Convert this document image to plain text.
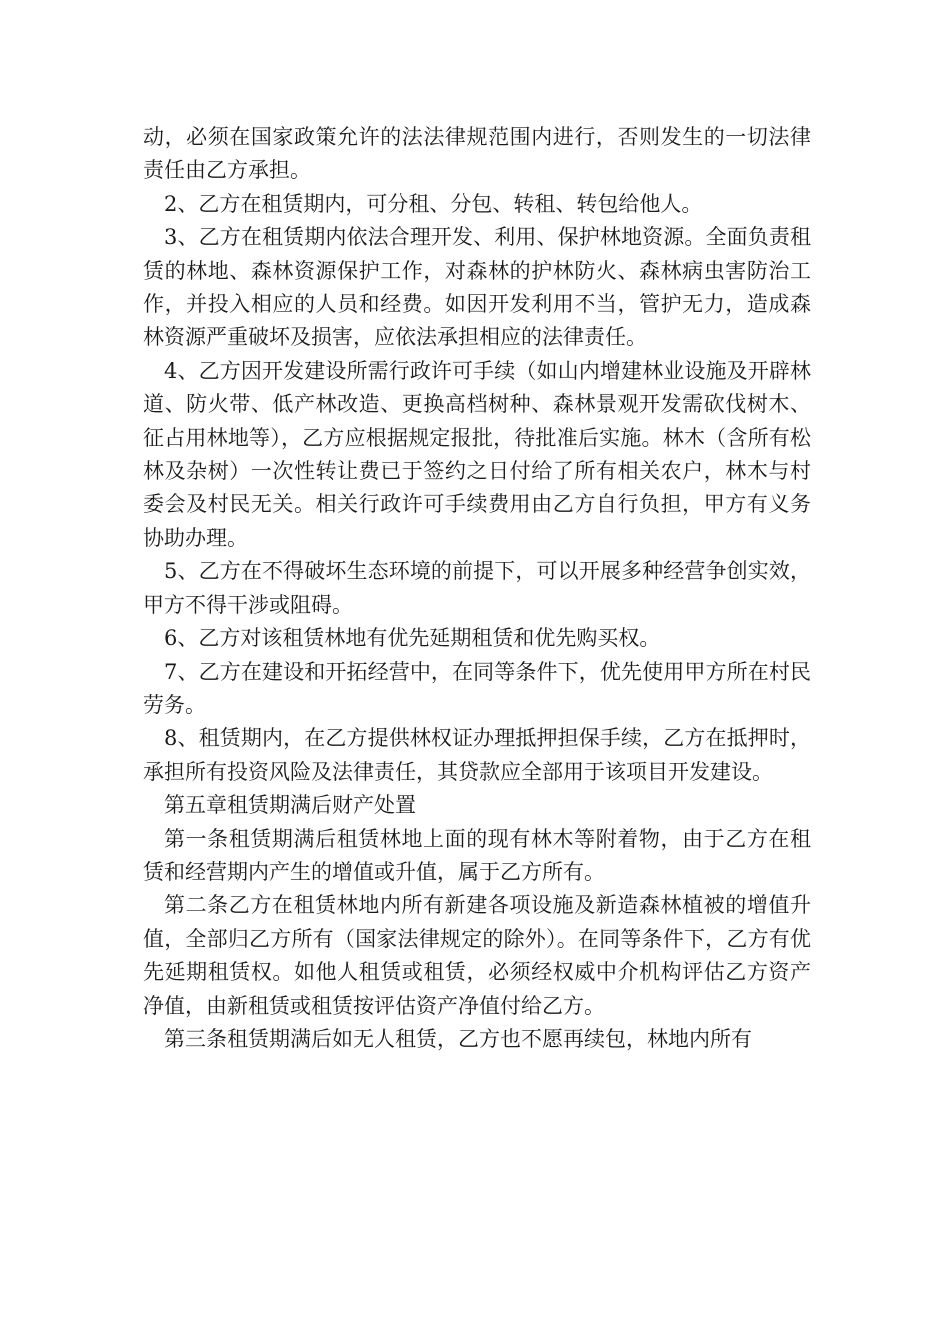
动，必须在国家政策允许的法法律规范围内进行，否则发生的一切法律责任由乙方承担。

2、乙方在租赁期内，可分租、分包、转租、转包给他人。

3、乙方在租赁期内依法合理开发、利用、保护林地资源。全面负责租赁的林地、森林资源保护工作，对森林的护林防火、森林病虫害防治工作，并投入相应的人员和经费。如因开发利用不当，管护无力，造成森林资源严重破坏及损害，应依法承担相应的法律责任。

4、乙方因开发建设所需行政许可手续（如山内增建林业设施及开辟林道、防火带、低产林改造、更换高档树种、森林景观开发需砍伐树木、征占用林地等），乙方应根据规定报批，待批准后实施。林木（含所有松林及杂树）一次性转让费已于签约之日付给了所有相关农户，林木与村委会及村民无关。相关行政许可手续费用由乙方自行负担，甲方有义务协助办理。

5、乙方在不得破坏生态环境的前提下，可以开展多种经营争创实效，甲方不得干涉或阻碍。

6、乙方对该租赁林地有优先延期租赁和优先购买权。

7、乙方在建设和开拓经营中，在同等条件下，优先使用甲方所在村民劳务。

8、租赁期内，在乙方提供林权证办理抵押担保手续，乙方在抵押时，承担所有投资风险及法律责任，其贷款应全部用于该项目开发建设。

第五章租赁期满后财产处置

第一条租赁期满后租赁林地上面的现有林木等附着物，由于乙方在租赁和经营期内产生的增值或升值，属于乙方所有。

第二条乙方在租赁林地内所有新建各项设施及新造森林植被的增值升值，全部归乙方所有（国家法律规定的除外）。在同等条件下，乙方有优先延期租赁权。如他人租赁或租赁，必须经权威中介机构评估乙方资产净值，由新租赁或租赁按评估资产净值付给乙方。

第三条租赁期满后如无人租赁，乙方也不愿再续包，林地内所有
